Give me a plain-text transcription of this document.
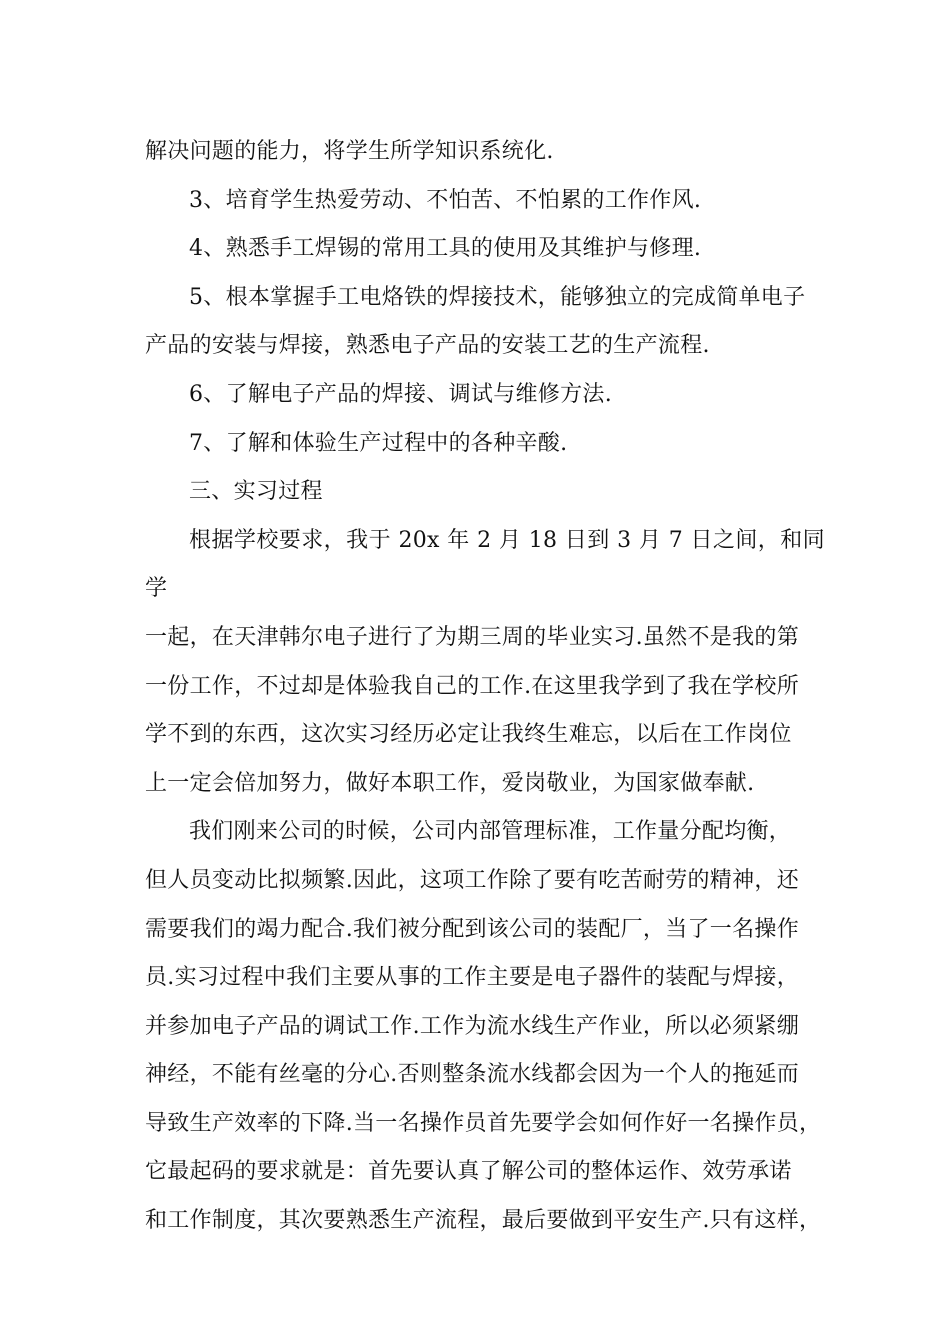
解决问题的能力，将学生所学知识系统化.

3、培育学生热爱劳动、不怕苦、不怕累的工作作风.

4、熟悉手工焊锡的常用工具的使用及其维护与修理.

5、根本掌握手工电烙铁的焊接技术，能够独立的完成简单电子
产品的安装与焊接，熟悉电子产品的安装工艺的生产流程.

6、了解电子产品的焊接、调试与维修方法.

7、了解和体验生产过程中的各种辛酸.

三、实习过程

根据学校要求，我于 20x 年 2 月 18 日到 3 月 7 日之间，和同学
一起，在天津韩尔电子进行了为期三周的毕业实习.虽然不是我的第
一份工作，不过却是体验我自己的工作.在这里我学到了我在学校所
学不到的东西，这次实习经历必定让我终生难忘，以后在工作岗位
上一定会倍加努力，做好本职工作，爱岗敬业，为国家做奉献.

我们刚来公司的时候，公司内部管理标准，工作量分配均衡，
但人员变动比拟频繁.因此，这项工作除了要有吃苦耐劳的精神，还
需要我们的竭力配合.我们被分配到该公司的装配厂，当了一名操作
员.实习过程中我们主要从事的工作主要是电子器件的装配与焊接，
并参加电子产品的调试工作.工作为流水线生产作业，所以必须紧绷
神经，不能有丝毫的分心.否则整条流水线都会因为一个人的拖延而
导致生产效率的下降.当一名操作员首先要学会如何作好一名操作员，
它最起码的要求就是：首先要认真了解公司的整体运作、效劳承诺
和工作制度，其次要熟悉生产流程，最后要做到平安生产.只有这样，
